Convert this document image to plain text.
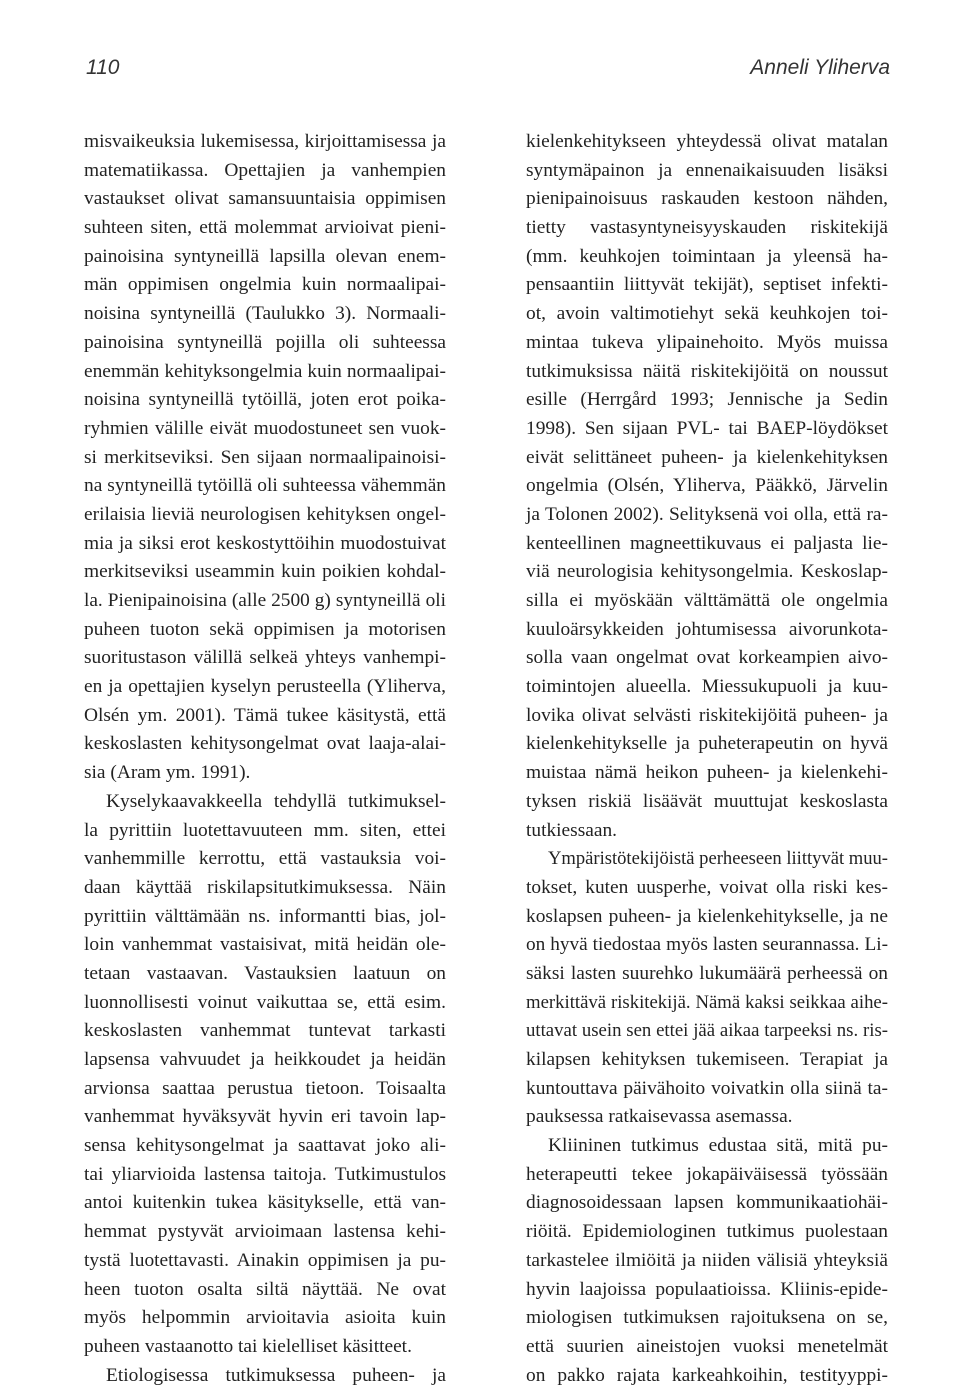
110	Anneli Yliherva
misvaikeuksia lukemisessa, kirjoittamisessa ja
matematiikassa. Opettajien ja vanhempien
vastaukset olivat samansuuntaisia oppimisen
suhteen siten, että molemmat arvioivat pieni-
painoisina syntyneillä lapsilla olevan enem-
män oppimisen ongelmia kuin normaalipai-
noisina syntyneillä (Taulukko 3). Normaali-
painoisina syntyneillä pojilla oli suhteessa
enemmän kehityksongelmia kuin normaalipai-
noisina syntyneillä tytöillä, joten erot poika-
ryhmien välille eivät muodostuneet sen vuok-
si merkitseviksi. Sen sijaan normaalipainoisi-
na syntyneillä tytöillä oli suhteessa vähemmän
erilaisia lieviä neurologisen kehityksen ongel-
mia ja siksi erot keskostyttöihin muodostuivat
merkitseviksi useammin kuin poikien kohdal-
la. Pienipainoisina (alle 2500 g) syntyneillä oli
puheen tuoton sekä oppimisen ja motorisen
suoritustason välillä selkeä yhteys vanhempi-
en ja opettajien kyselyn perusteella (Yliherva,
Olsén ym. 2001). Tämä tukee käsitystä, että
keskoslasten kehitysongelmat ovat laaja-alai-
sia (Aram ym. 1991).
Kyselykaavakkeella tehdyllä tutkimuksel-
la pyrittiin luotettavuuteen mm. siten, ettei
vanhemmille kerrottu, että vastauksia voi-
daan käyttää riskilapsitutkimuksessa. Näin
pyrittiin välttämään ns. informantti bias, jol-
loin vanhemmat vastaisivat, mitä heidän ole-
tetaan vastaavan. Vastauksien laatuun on
luonnollisesti voinut vaikuttaa se, että esim.
keskoslasten vanhemmat tuntevat tarkasti
lapsensa vahvuudet ja heikkoudet ja heidän
arvionsa saattaa perustua tietoon. Toisaalta
vanhemmat hyväksyvät hyvin eri tavoin lap-
sensa kehitysongelmat ja saattavat joko ali-
tai yliarvioida lastensa taitoja. Tutkimustulos
antoi kuitenkin tukea käsitykselle, että van-
hemmat pystyvät arvioimaan lastensa kehi-
tystä luotettavasti. Ainakin oppimisen ja pu-
heen tuoton osalta siltä näyttää. Ne ovat
myös helpommin arvioitavia asioita kuin
puheen vastaanotto tai kielelliset käsitteet.
Etiologisessa tutkimuksessa puheen- ja
kielenkehitykseen yhteydessä olivat matalan
syntymäpainon ja ennenaikaisuuden lisäksi
pienipainoisuus raskauden kestoon nähden,
tietty vastasyntyneisyyskauden riskitekijä
(mm. keuhkojen toimintaan ja yleensä ha-
pensaantiin liittyvät tekijät), septiset infekti-
ot, avoin valtimotiehyt sekä keuhkojen toi-
mintaa tukeva ylipainehoito. Myös muissa
tutkimuksissa näitä riskitekijöitä on noussut
esille (Herrgård 1993; Jennische ja Sedin
1998). Sen sijaan PVL- tai BAEP-löydökset
eivät selittäneet puheen- ja kielenkehityksen
ongelmia (Olsén, Yliherva, Pääkkö, Järvelin
ja Tolonen 2002). Selityksenä voi olla, että ra-
kenteellinen magneettikuvaus ei paljasta lie-
viä neurologisia kehitysongelmia. Keskoslap-
silla ei myöskään välttämättä ole ongelmia
kuuloärsykkeiden johtumisessa aivorunkota-
solla vaan ongelmat ovat korkeampien aivo-
toimintojen alueella. Miessukupuoli ja kuu-
lovika olivat selvästi riskitekijöitä puheen- ja
kielenkehitykselle ja puheterapeutin on hyvä
muistaa nämä heikon puheen- ja kielenkehi-
tyksen riskiä lisäävät muuttujat keskoslasta
tutkiessaan.
Ympäristötekijöistä perheeseen liittyvät muu-
tokset, kuten uusperhe, voivat olla riski kes-
koslapsen puheen- ja kielenkehitykselle, ja ne
on hyvä tiedostaa myös lasten seurannassa. Li-
säksi lasten suurehko lukumäärä perheessä on
merkittävä riskitekijä. Nämä kaksi seikkaa aihe-
uttavat usein sen ettei jää aikaa tarpeeksi ns. ris-
kilapsen kehityksen tukemiseen. Terapiat ja
kuntouttava päivähoito voivatkin olla siinä ta-
pauksessa ratkaisevassa asemassa.
Kliininen tutkimus edustaa sitä, mitä pu-
heterapeutti tekee jokapäiväisessä työssään
diagnosoidessaan lapsen kommunikaatiohäi-
riöitä. Epidemiologinen tutkimus puolestaan
tarkastelee ilmiöitä ja niiden välisiä yhteyksiä
hyvin laajoissa populaatioissa. Kliinis-epide-
miologisen tutkimuksen rajoituksena on se,
että suurien aineistojen vuoksi menetelmät
on pakko rajata karkeahkoihin, testityyppi-
